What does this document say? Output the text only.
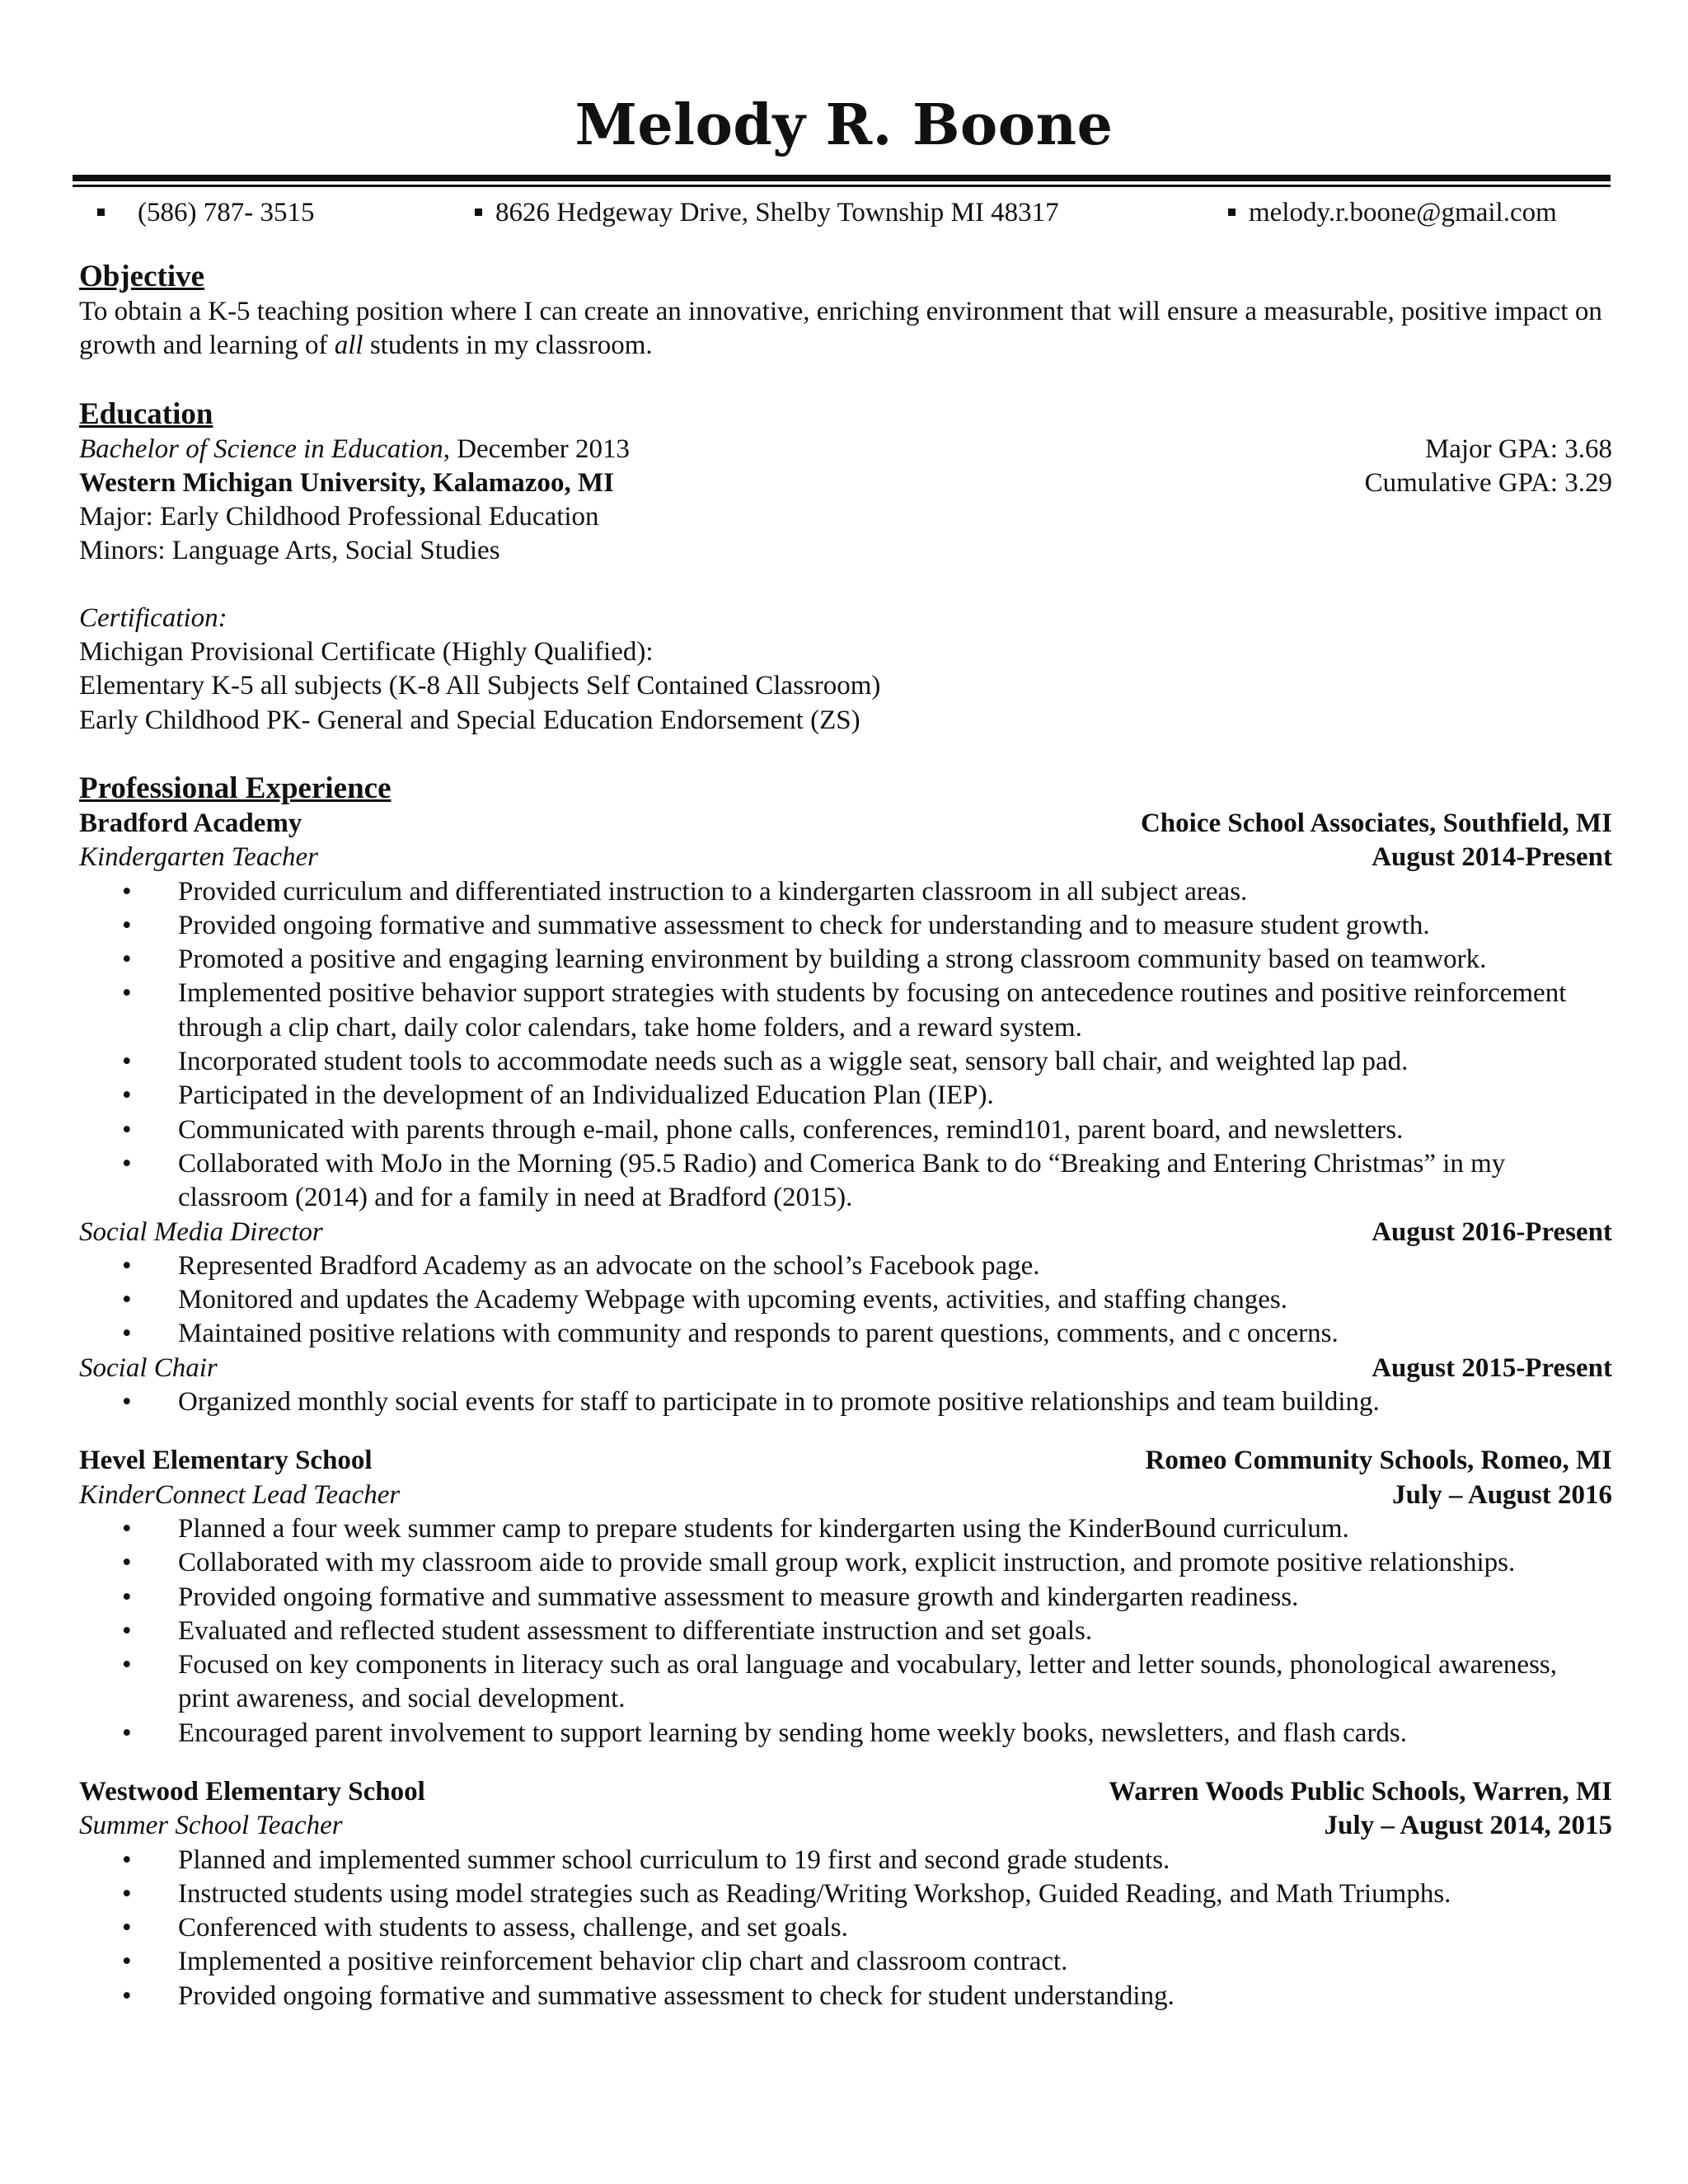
Melody R. Boone
(586) 787- 3515	8626 Hedgeway Drive, Shelby Township MI 48317	melody.r.boone@gmail.com
Objective

To obtain a K-5 teaching position where I can create an innovative, enriching environment that will ensure a measurable, positive impact on growth and learning of all students in my classroom.

Education
Bachelor of Science in Education, December 2013	Major GPA: 3.68
Western Michigan University, Kalamazoo, MI	Cumulative GPA: 3.29
Major: Early Childhood Professional Education
Minors: Language Arts, Social Studies
Certification:
Michigan Provisional Certificate (Highly Qualified):
Elementary K-5 all subjects (K-8 All Subjects Self Contained Classroom)
Early Childhood PK- General and Special Education Endorsement (ZS)
Professional Experience
Bradford Academy	Choice School Associates, Southfield, MI
Kindergarten Teacher	August 2014-Present
• Provided curriculum and differentiated instruction to a kindergarten classroom in all subject areas.
• Provided ongoing formative and summative assessment to check for understanding and to measure student growth.
• Promoted a positive and engaging learning environment by building a strong classroom community based on teamwork.
• Implemented positive behavior support strategies with students by focusing on antecedence routines and positive reinforcement through a clip chart, daily color calendars, take home folders, and a reward system.
• Incorporated student tools to accommodate needs such as a wiggle seat, sensory ball chair, and weighted lap pad.
• Participated in the development of an Individualized Education Plan (IEP).
• Communicated with parents through e-mail, phone calls, conferences, remind101, parent board, and newsletters.
• Collaborated with MoJo in the Morning (95.5 Radio) and Comerica Bank to do “Breaking and Entering Christmas” in my classroom (2014) and for a family in need at Bradford (2015).
Social Media Director	August 2016-Present
• Represented Bradford Academy as an advocate on the school’s Facebook page.
• Monitored and updates the Academy Webpage with upcoming events, activities, and staffing changes.
• Maintained positive relations with community and responds to parent questions, comments, and c oncerns.
Social Chair	August 2015-Present
• Organized monthly social events for staff to participate in to promote positive relationships and team building.
Hevel Elementary School	Romeo Community Schools, Romeo, MI
KinderConnect Lead Teacher	July – August 2016
• Planned a four week summer camp to prepare students for kindergarten using the KinderBound curriculum.
• Collaborated with my classroom aide to provide small group work, explicit instruction, and promote positive relationships.
• Provided ongoing formative and summative assessment to measure growth and kindergarten readiness.
• Evaluated and reflected student assessment to differentiate instruction and set goals.
• Focused on key components in literacy such as oral language and vocabulary, letter and letter sounds, phonological awareness, print awareness, and social development.
• Encouraged parent involvement to support learning by sending home weekly books, newsletters, and flash cards.
Westwood Elementary School	Warren Woods Public Schools, Warren, MI
Summer School Teacher	July – August 2014, 2015
• Planned and implemented summer school curriculum to 19 first and second grade students.
• Instructed students using model strategies such as Reading/Writing Workshop, Guided Reading, and Math Triumphs.
• Conferenced with students to assess, challenge, and set goals.
• Implemented a positive reinforcement behavior clip chart and classroom contract.
• Provided ongoing formative and summative assessment to check for student understanding.
